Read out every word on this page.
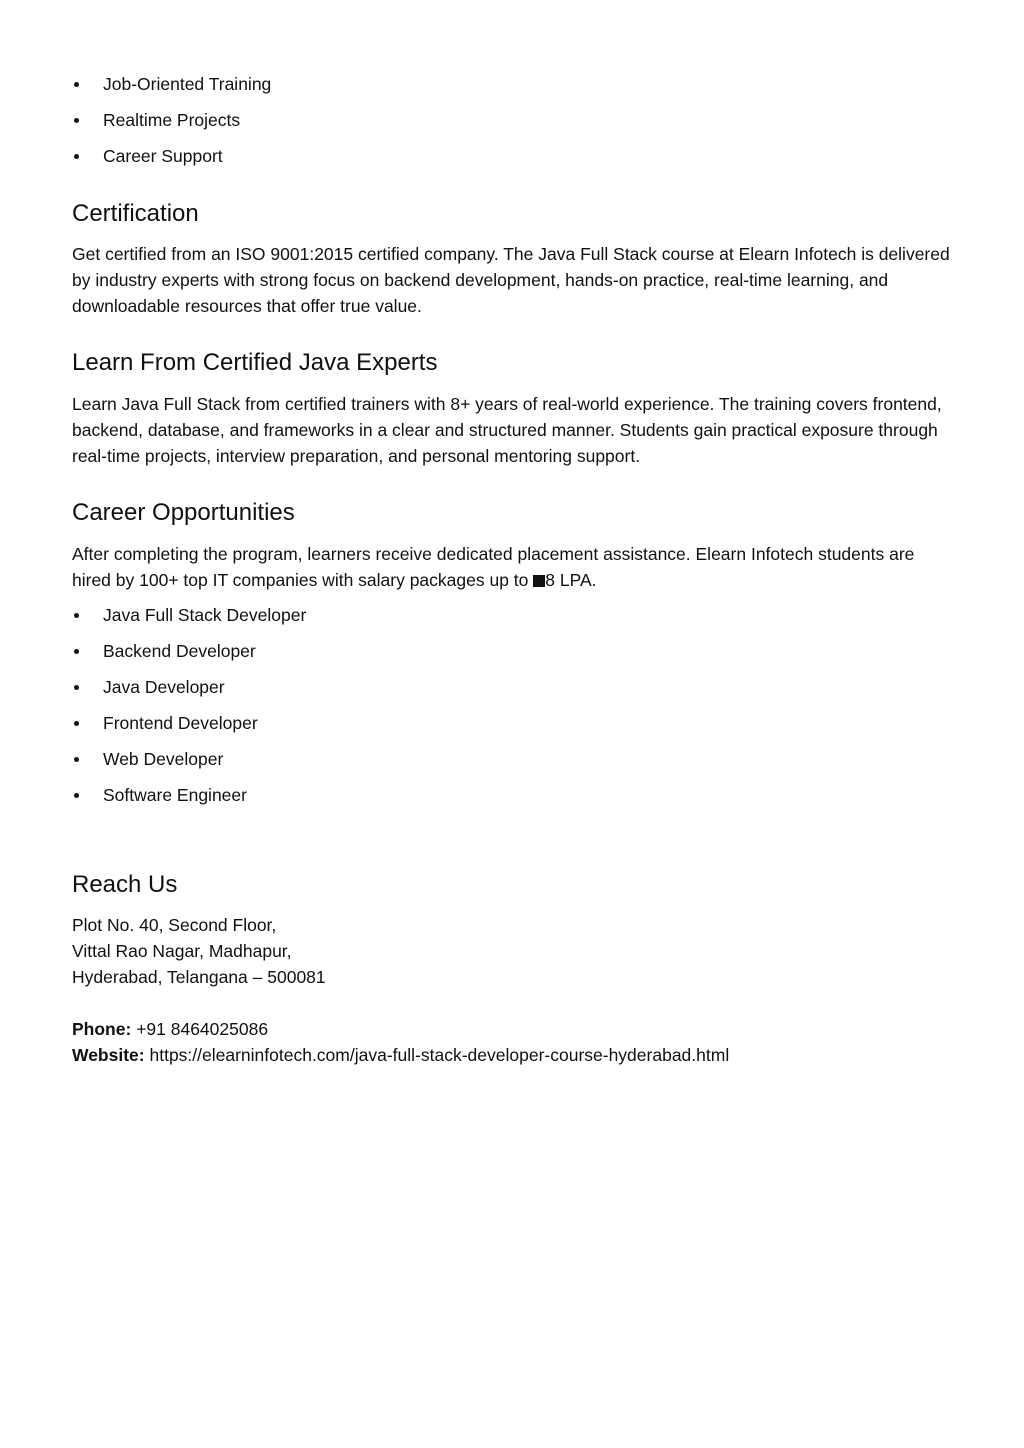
Job-Oriented Training
Realtime Projects
Career Support
Certification

Get certified from an ISO 9001:2015 certified company. The Java Full Stack course at Elearn Infotech is delivered by industry experts with strong focus on backend development, hands-on practice, real-time learning, and downloadable resources that offer true value.

Learn From Certified Java Experts

Learn Java Full Stack from certified trainers with 8+ years of real-world experience. The training covers frontend, backend, database, and frameworks in a clear and structured manner. Students gain practical exposure through real-time projects, interview preparation, and personal mentoring support.

Career Opportunities

After completing the program, learners receive dedicated placement assistance. Elearn Infotech students are hired by 100+ top IT companies with salary packages up to 8 LPA.

Java Full Stack Developer
Backend Developer
Java Developer
Frontend Developer
Web Developer
Software Engineer
Reach Us

Plot No. 40, Second Floor,

Vittal Rao Nagar, Madhapur,

Hyderabad, Telangana – 500081

Phone: +91 8464025086

Website: https://elearninfotech.com/java-full-stack-developer-course-hyderabad.html
